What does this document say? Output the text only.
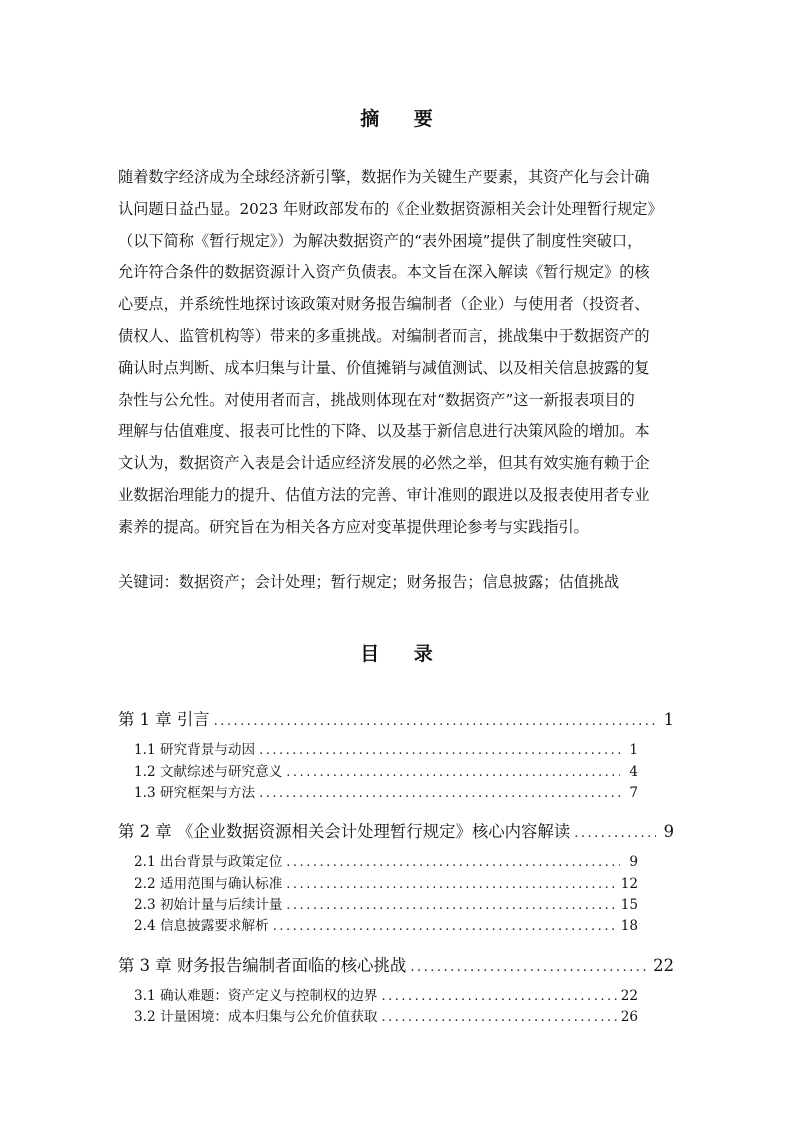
摘 要

随着数字经济成为全球经济新引擎，数据作为关键生产要素，其资产化与会计确
认问题日益凸显。2023 年财政部发布的《企业数据资源相关会计处理暂行规定》
（以下简称《暂行规定》）为解决数据资产的“表外困境”提供了制度性突破口，
允许符合条件的数据资源计入资产负债表。本文旨在深入解读《暂行规定》的核
心要点，并系统性地探讨该政策对财务报告编制者（企业）与使用者（投资者、
债权人、监管机构等）带来的多重挑战。对编制者而言，挑战集中于数据资产的
确认时点判断、成本归集与计量、价值摊销与减值测试、以及相关信息披露的复
杂性与公允性。对使用者而言，挑战则体现在对“数据资产”这一新报表项目的
理解与估值难度、报表可比性的下降、以及基于新信息进行决策风险的增加。本
文认为，数据资产入表是会计适应经济发展的必然之举，但其有效实施有赖于企
业数据治理能力的提升、估值方法的完善、审计准则的跟进以及报表使用者专业
素养的提高。研究旨在为相关各方应对变革提供理论参考与实践指引。

关键词：数据资产；会计处理；暂行规定；财务报告；信息披露；估值挑战
目 录
第 1 章 引言 .....	1
1.1 研究背景与动因 .....	1
1.2 文献综述与研究意义 .....	4
1.3 研究框架与方法 .....	7
第 2 章 《企业数据资源相关会计处理暂行规定》核心内容解读 .....	9
2.1 出台背景与政策定位 .....	9
2.2 适用范围与确认标准 .....	12
2.3 初始计量与后续计量 .....	15
2.4 信息披露要求解析 .....	18
第 3 章 财务报告编制者面临的核心挑战 .....	22
3.1 确认难题：资产定义与控制权的边界 .....	22
3.2 计量困境：成本归集与公允价值获取 .....	26
